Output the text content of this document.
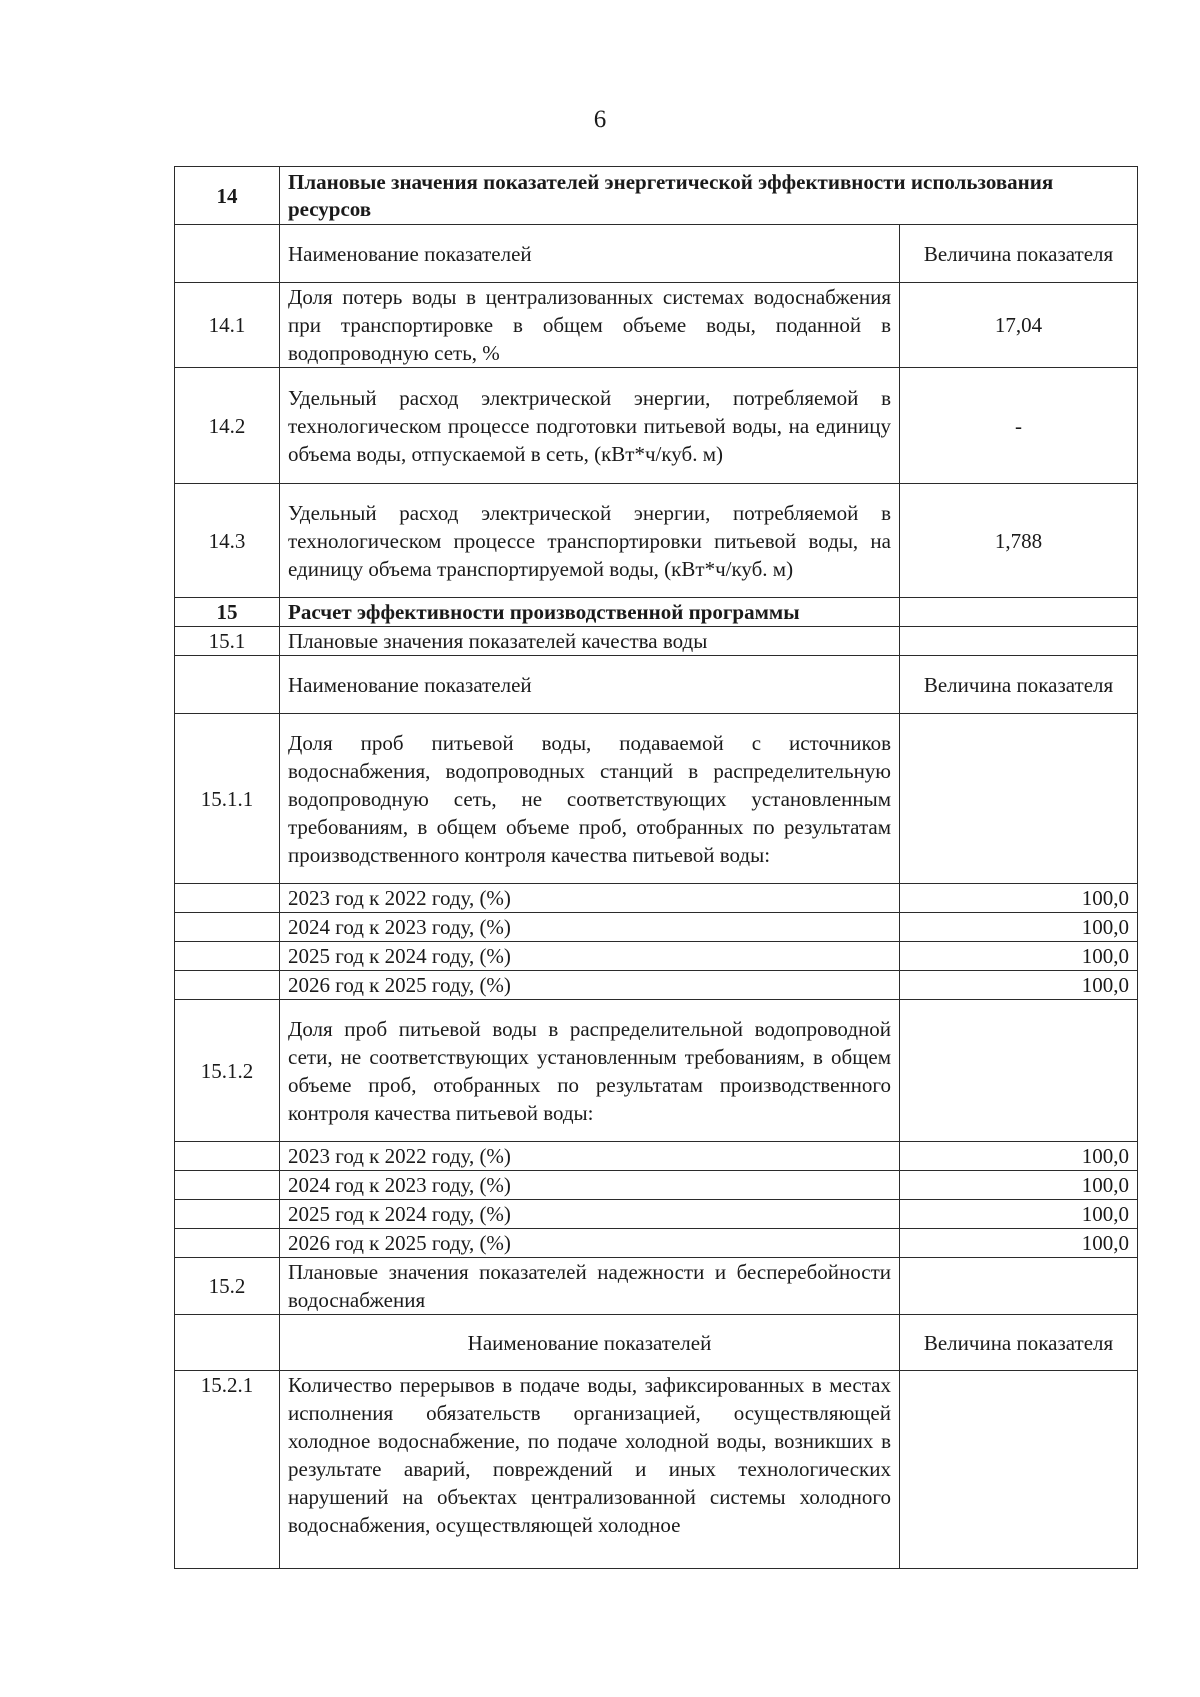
6
14	Плановые значения показателей энергетической эффективности использования ресурсов	
	Наименование показателей	Величина показателя
14.1	Доля потерь воды в централизованных системах водоснабжения при транспортировке в общем объеме воды, поданной в водопроводную сеть, %	17,04
14.2	Удельный расход электрической энергии, потребляемой в технологическом процессе подготовки питьевой воды, на единицу объема воды, отпускаемой в сеть, (кВт*ч/куб. м)	-
14.3	Удельный расход электрической энергии, потребляемой в технологическом процессе транспортировки питьевой воды, на единицу объема транспортируемой воды, (кВт*ч/куб. м)	1,788
15	Расчет эффективности производственной программы	
15.1	Плановые значения показателей качества воды	
	Наименование показателей	Величина показателя
15.1.1	Доля проб питьевой воды, подаваемой с источников водоснабжения, водопроводных станций в распределительную водопроводную сеть, не соответствующих установленным требованиям, в общем объеме проб, отобранных по результатам производственного контроля качества питьевой воды:	
	2023 год к 2022 году, (%)	100,0
	2024 год к 2023 году, (%)	100,0
	2025 год к 2024 году, (%)	100,0
	2026 год к 2025 году, (%)	100,0
15.1.2	Доля проб питьевой воды в распределительной водопроводной сети, не соответствующих установленным требованиям, в общем объеме проб, отобранных по результатам производственного контроля качества питьевой воды:	
	2023 год к 2022 году, (%)	100,0
	2024 год к 2023 году, (%)	100,0
	2025 год к 2024 году, (%)	100,0
	2026 год к 2025 году, (%)	100,0
15.2	Плановые значения показателей надежности и бесперебойности водоснабжения	
	Наименование показателей	Величина показателя
15.2.1	Количество перерывов в подаче воды, зафиксированных в местах исполнения обязательств организацией, осуществляющей холодное водоснабжение, по подаче холодной воды, возникших в результате аварий, повреждений и иных технологических нарушений на объектах централизованной системы холодного водоснабжения, осуществляющей холодное	
